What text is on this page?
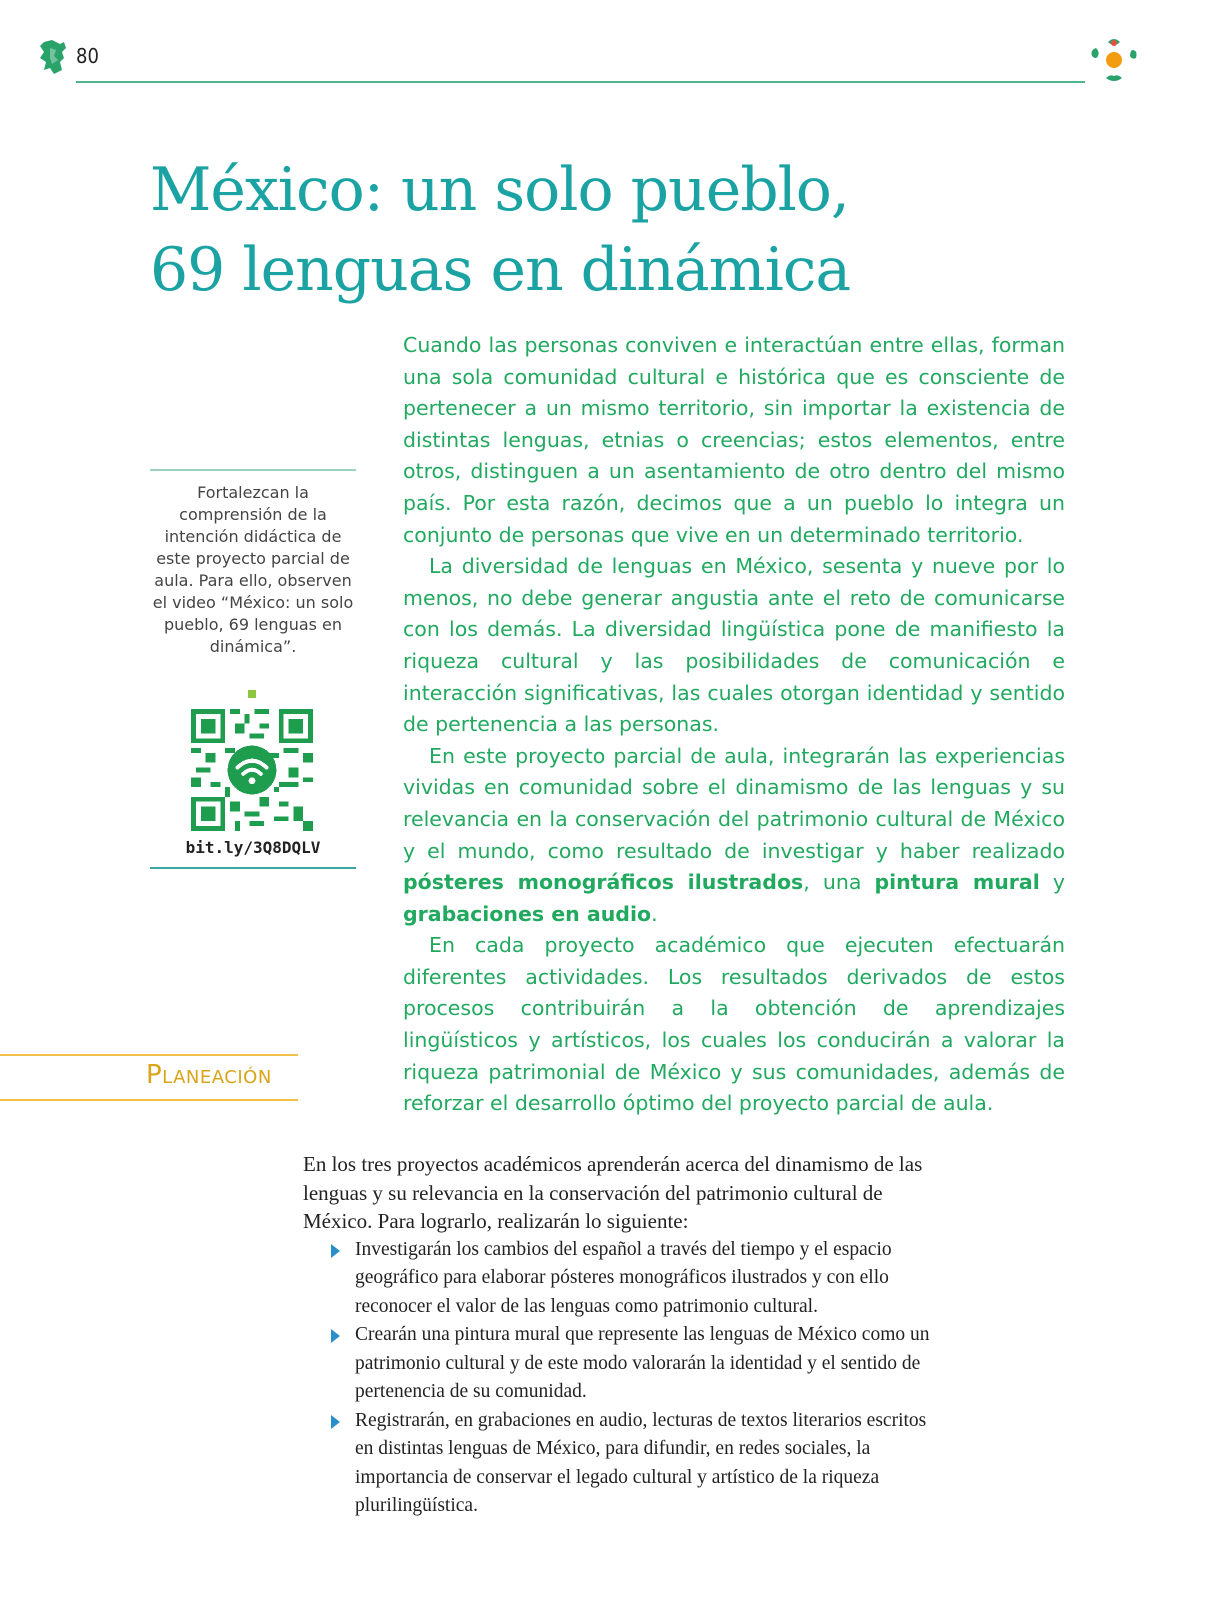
80
México: un solo pueblo,
69 lenguas en dinámica

Cuando las personas conviven e interactúan entre ellas, forman una sola comunidad cultural e histórica que es consciente de pertenecer a un mismo territorio, sin importar la existencia de distintas lenguas, etnias o creencias; estos elementos, entre otros, distinguen a un asentamiento de otro dentro del mismo país. Por esta razón, decimos que a un pueblo lo integra un conjunto de personas que vive en un determinado territorio.

La diversidad de lenguas en México, sesenta y nueve por lo menos, no debe generar angustia ante el reto de comunicarse con los demás. La diversidad lingüística pone de manifiesto la riqueza cultural y las posibilidades de comunicación e interacción significativas, las cuales otorgan identidad y sentido de pertenencia a las personas.

En este proyecto parcial de aula, integrarán las experiencias vividas en comunidad sobre el dinamismo de las lenguas y su relevancia en la conservación del patrimonio cultural de México y el mundo, como resultado de investigar y haber realizado pósteres monográficos ilustrados, una pintura mural y grabaciones en audio.

En cada proyecto académico que ejecuten efectuarán diferentes actividades. Los resultados derivados de estos procesos contribuirán a la obtención de aprendizajes lingüísticos y artísticos, los cuales los conducirán a valorar la riqueza patrimonial de México y sus comunidades, además de reforzar el desarrollo óptimo del proyecto parcial de aula.

Fortalezcan la comprensión de la intención didáctica de este proyecto parcial de aula. Para ello, observen el video “México: un solo pueblo, 69 lenguas en dinámica”.
bit.ly/3Q8DQLV
Planeación

En los tres proyectos académicos aprenderán acerca del dinamismo de las lenguas y su relevancia en la conservación del patrimonio cultural de México. Para lograrlo, realizarán lo siguiente:

Investigarán los cambios del español a través del tiempo y el espacio geográfico para elaborar pósteres monográficos ilustrados y con ello reconocer el valor de las lenguas como patrimonio cultural.
Crearán una pintura mural que represente las lenguas de México como un patrimonio cultural y de este modo valorarán la identidad y el sentido de pertenencia de su comunidad.
Registrarán, en grabaciones en audio, lecturas de textos literarios escritos en distintas lenguas de México, para difundir, en redes sociales, la importancia de conservar el legado cultural y artístico de la riqueza plurilingüística.
